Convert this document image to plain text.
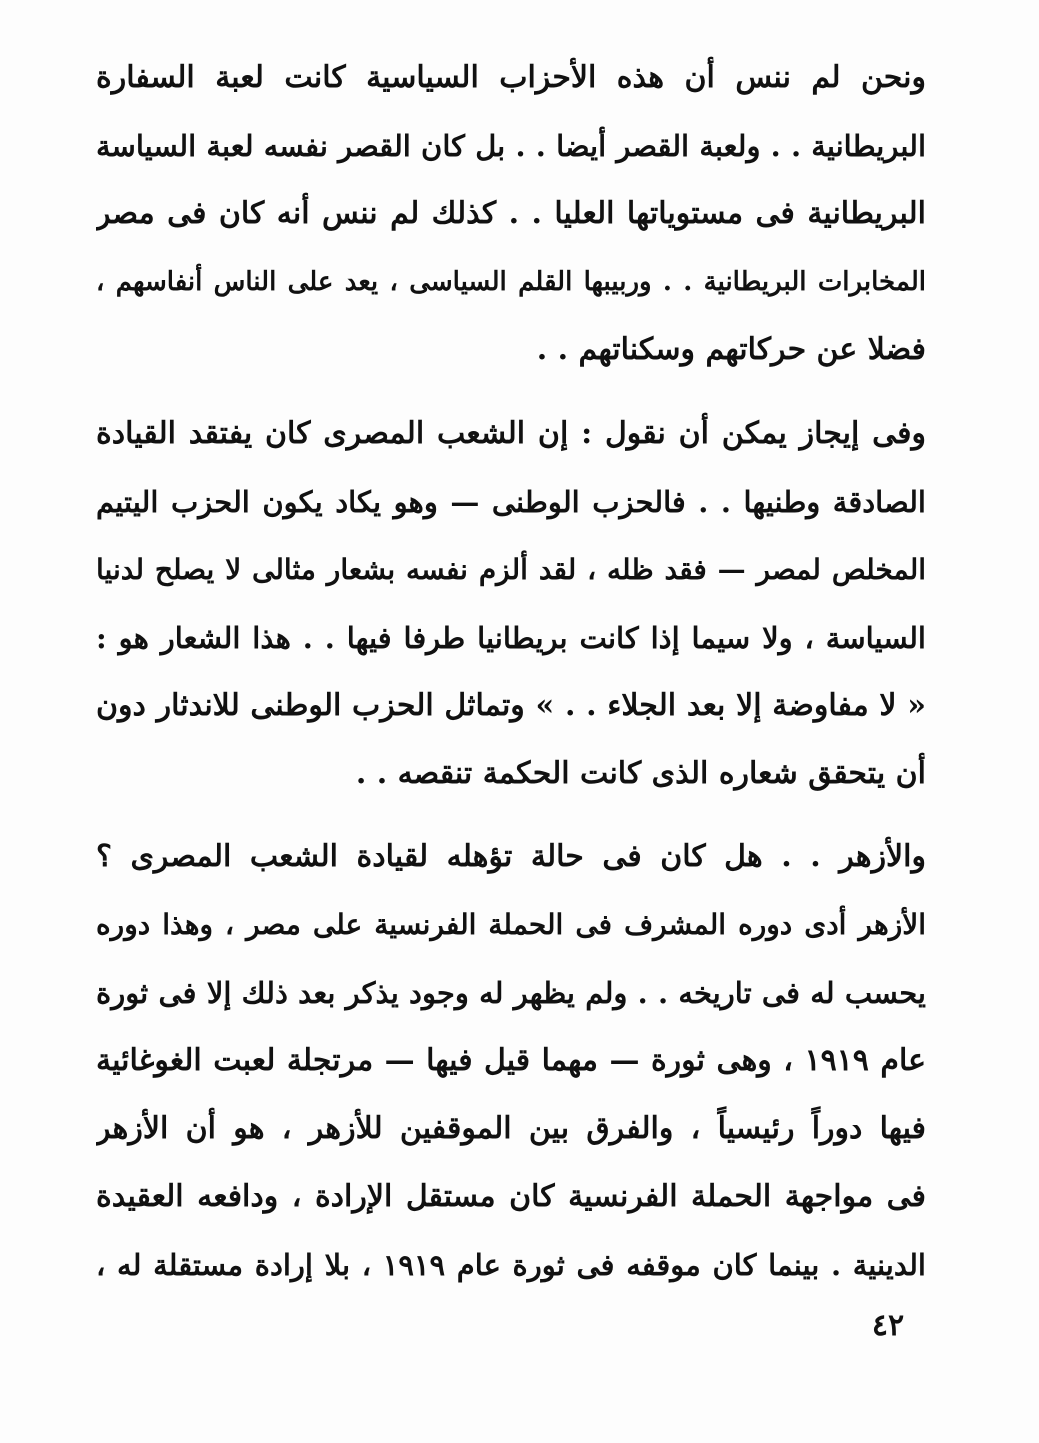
ونحن لم ننس أن هذه الأحزاب السياسية كانت لعبة السفارة
البريطانية . . ولعبة القصر أيضا . . بل كان القصر نفسه لعبة السياسة
البريطانية فى مستوياتها العليا . . كذلك لم ننس أنه كان فى مصر
المخابرات البريطانية . . وربيبها القلم السياسى ، يعد على الناس أنفاسهم ،
فضلا عن حركاتهم وسكناتهم . .
وفى إيجاز يمكن أن نقول : إن الشعب المصرى كان يفتقد القيادة
الصادقة وطنيها . . فالحزب الوطنى — وهو يكاد يكون الحزب اليتيم
المخلص لمصر — فقد ظله ، لقد ألزم نفسه بشعار مثالى لا يصلح لدنيا
السياسة ، ولا سيما إذا كانت بريطانيا طرفا فيها . . هذا الشعار هو :
« لا مفاوضة إلا بعد الجلاء . . » وتماثل الحزب الوطنى للاندثار دون
أن يتحقق شعاره الذى كانت الحكمة تنقصه . .
والأزهر . . هل كان فى حالة تؤهله لقيادة الشعب المصرى ؟
الأزهر أدى دوره المشرف فى الحملة الفرنسية على مصر ، وهذا دوره
يحسب له فى تاريخه . . ولم يظهر له وجود يذكر بعد ذلك إلا فى ثورة
عام ١٩١٩ ، وهى ثورة — مهما قيل فيها — مرتجلة لعبت الغوغائية
فيها دوراً رئيسياً ، والفرق بين الموقفين للأزهر ، هو أن الأزهر
فى مواجهة الحملة الفرنسية كان مستقل الإرادة ، ودافعه العقيدة
الدينية . بينما كان موقفه فى ثورة عام ١٩١٩ ، بلا إرادة مستقلة له ،
٤٢
